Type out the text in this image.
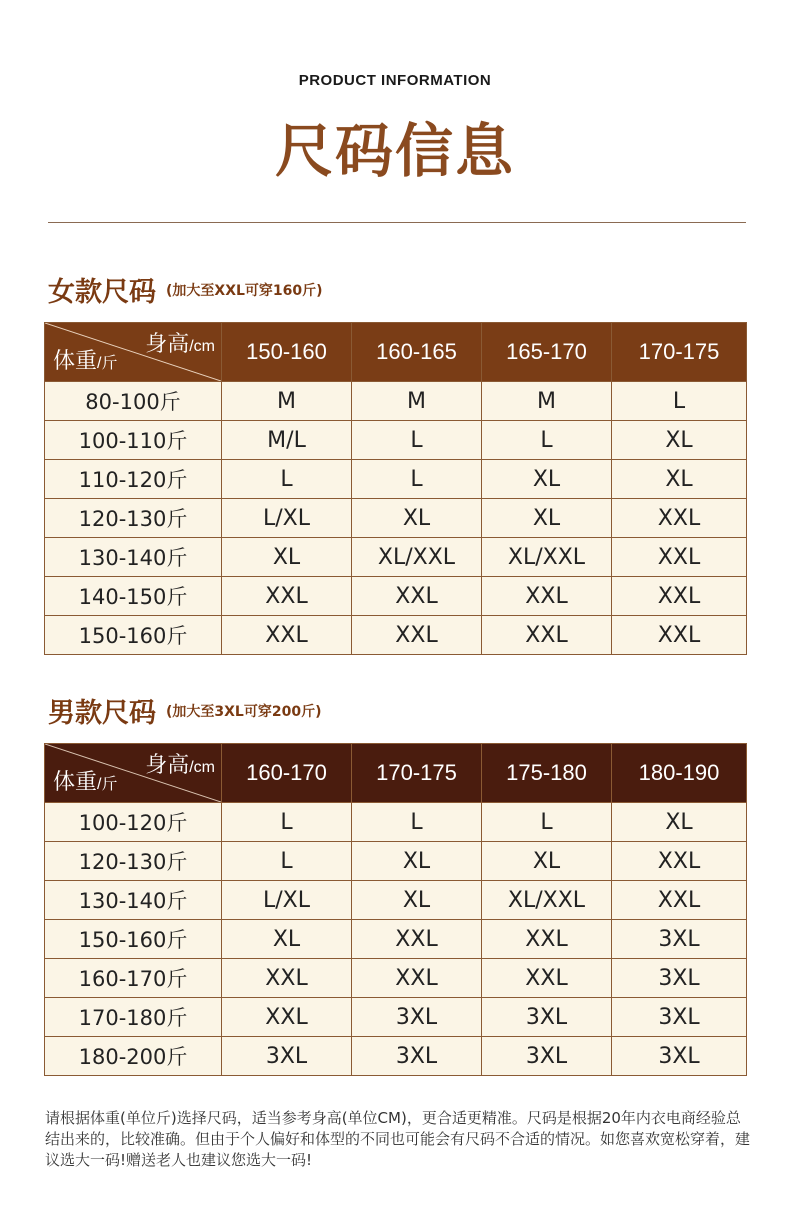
PRODUCT INFORMATION
尺码信息
女款尺码 (加大至XXL可穿160斤)
身高/cm
体重/斤	150-160	160-165	165-170	170-175
80-100斤	M	M	M	L
100-110斤	M/L	L	L	XL
110-120斤	L	L	XL	XL
120-130斤	L/XL	XL	XL	XXL
130-140斤	XL	XL/XXL	XL/XXL	XXL
140-150斤	XXL	XXL	XXL	XXL
150-160斤	XXL	XXL	XXL	XXL
男款尺码 (加大至3XL可穿200斤)
身高/cm
体重/斤	160-170	170-175	175-180	180-190
100-120斤	L	L	L	XL
120-130斤	L	XL	XL	XXL
130-140斤	L/XL	XL	XL/XXL	XXL
150-160斤	XL	XXL	XXL	3XL
160-170斤	XXL	XXL	XXL	3XL
170-180斤	XXL	3XL	3XL	3XL
180-200斤	3XL	3XL	3XL	3XL
请根据体重(单位斤)选择尺码，适当参考身高(单位CM)，更合适更精准。尺码是根据20年内衣电商经验总结出来的，比较准确。但由于个人偏好和体型的不同也可能会有尺码不合适的情况。如您喜欢宽松穿着，建议选大一码!赠送老人也建议您选大一码!
